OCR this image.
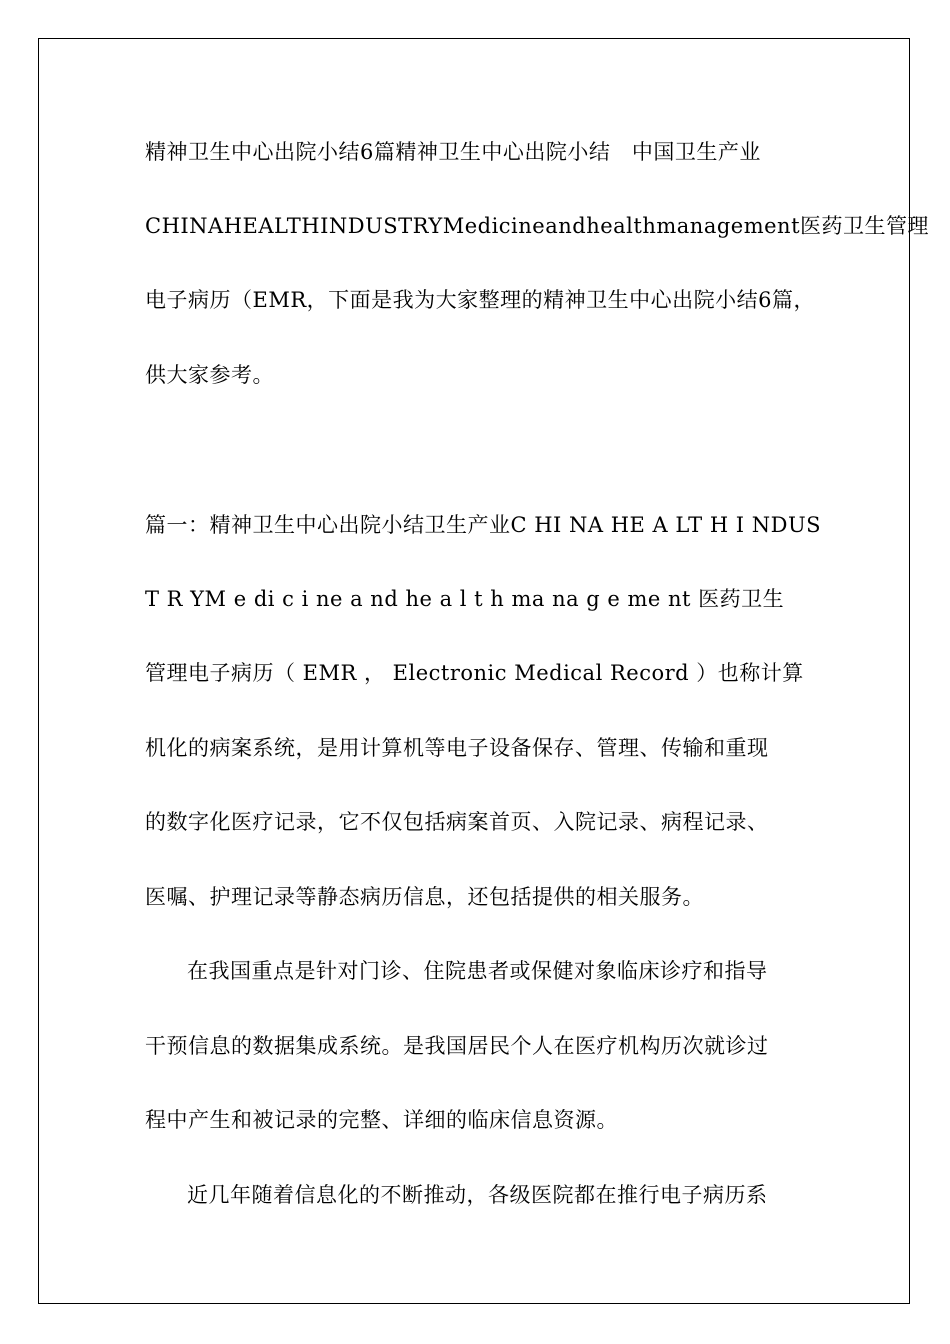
精神卫生中心出院小结6篇精神卫生中心出院小结　中国卫生产业
CHINAHEALTHINDUSTRYMedicineandhealthmanagement医药卫生管理
电子病历（EMR，下面是我为大家整理的精神卫生中心出院小结6篇，
供大家参考。
篇一：精神卫生中心出院小结卫生产业C HI NA HE A LT H I NDUS
T R YM e di c i ne a nd he a l t h ma na g e me nt 医药卫生
管理电子病历（ EMR ， Electronic Medical Record ）也称计算
机化的病案系统，是用计算机等电子设备保存、管理、传输和重现
的数字化医疗记录，它不仅包括病案首页、入院记录、病程记录、
医嘱、护理记录等静态病历信息，还包括提供的相关服务。
在我国重点是针对门诊、住院患者或保健对象临床诊疗和指导
干预信息的数据集成系统。是我国居民个人在医疗机构历次就诊过
程中产生和被记录的完整、详细的临床信息资源。
近几年随着信息化的不断推动，各级医院都在推行电子病历系
